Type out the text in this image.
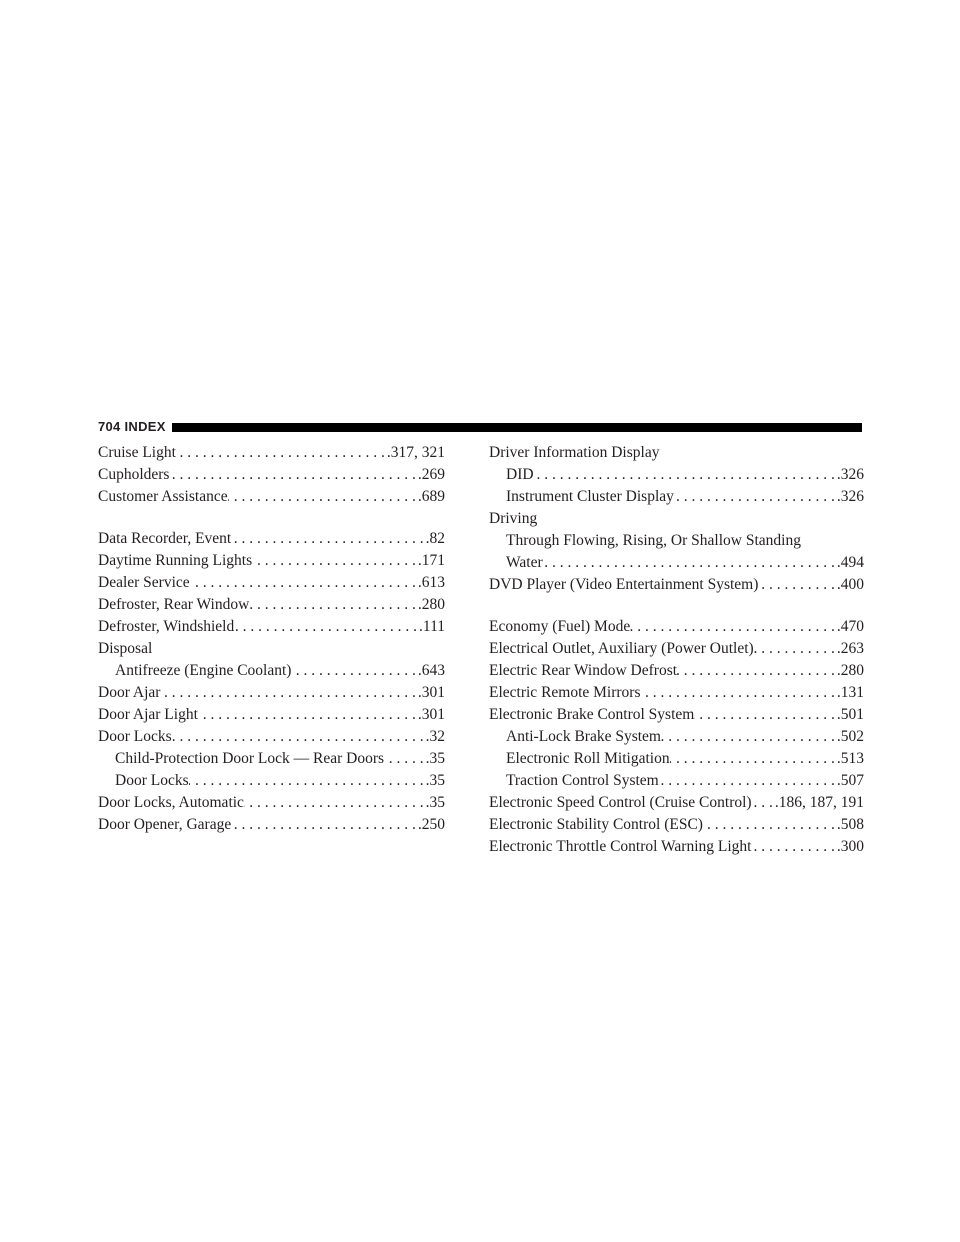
704 INDEX
Cruise Light . . .	.317, 321
Cupholders . . .	.269
Customer Assistance . . .	.689
Data Recorder, Event . . .	.82
Daytime Running Lights . . .	.171
Dealer Service . . .	.613
Defroster, Rear Window . . .	.280
Defroster, Windshield . . .	.111
Disposal
Antifreeze (Engine Coolant) . . .	.643
Door Ajar . . .	.301
Door Ajar Light . . .	.301
Door Locks . . .	.32
Child-Protection Door Lock — Rear Doors . . .	.35
Door Locks . . .	.35
Door Locks, Automatic . . .	.35
Door Opener, Garage . . .	.250
Driver Information Display
DID . . .	.326
Instrument Cluster Display . . .	.326
Driving
Through Flowing, Rising, Or Shallow Standing
Water . . .	.494
DVD Player (Video Entertainment System) . . .	.400
Economy (Fuel) Mode . . .	.470
Electrical Outlet, Auxiliary (Power Outlet) . . .	.263
Electric Rear Window Defrost . . .	.280
Electric Remote Mirrors . . .	.131
Electronic Brake Control System . . .	.501
Anti-Lock Brake System . . .	.502
Electronic Roll Mitigation . . .	.513
Traction Control System . . .	.507
Electronic Speed Control (Cruise Control) . . . .186, 187, 191
Electronic Stability Control (ESC) . . .	.508
Electronic Throttle Control Warning Light . . .	.300
